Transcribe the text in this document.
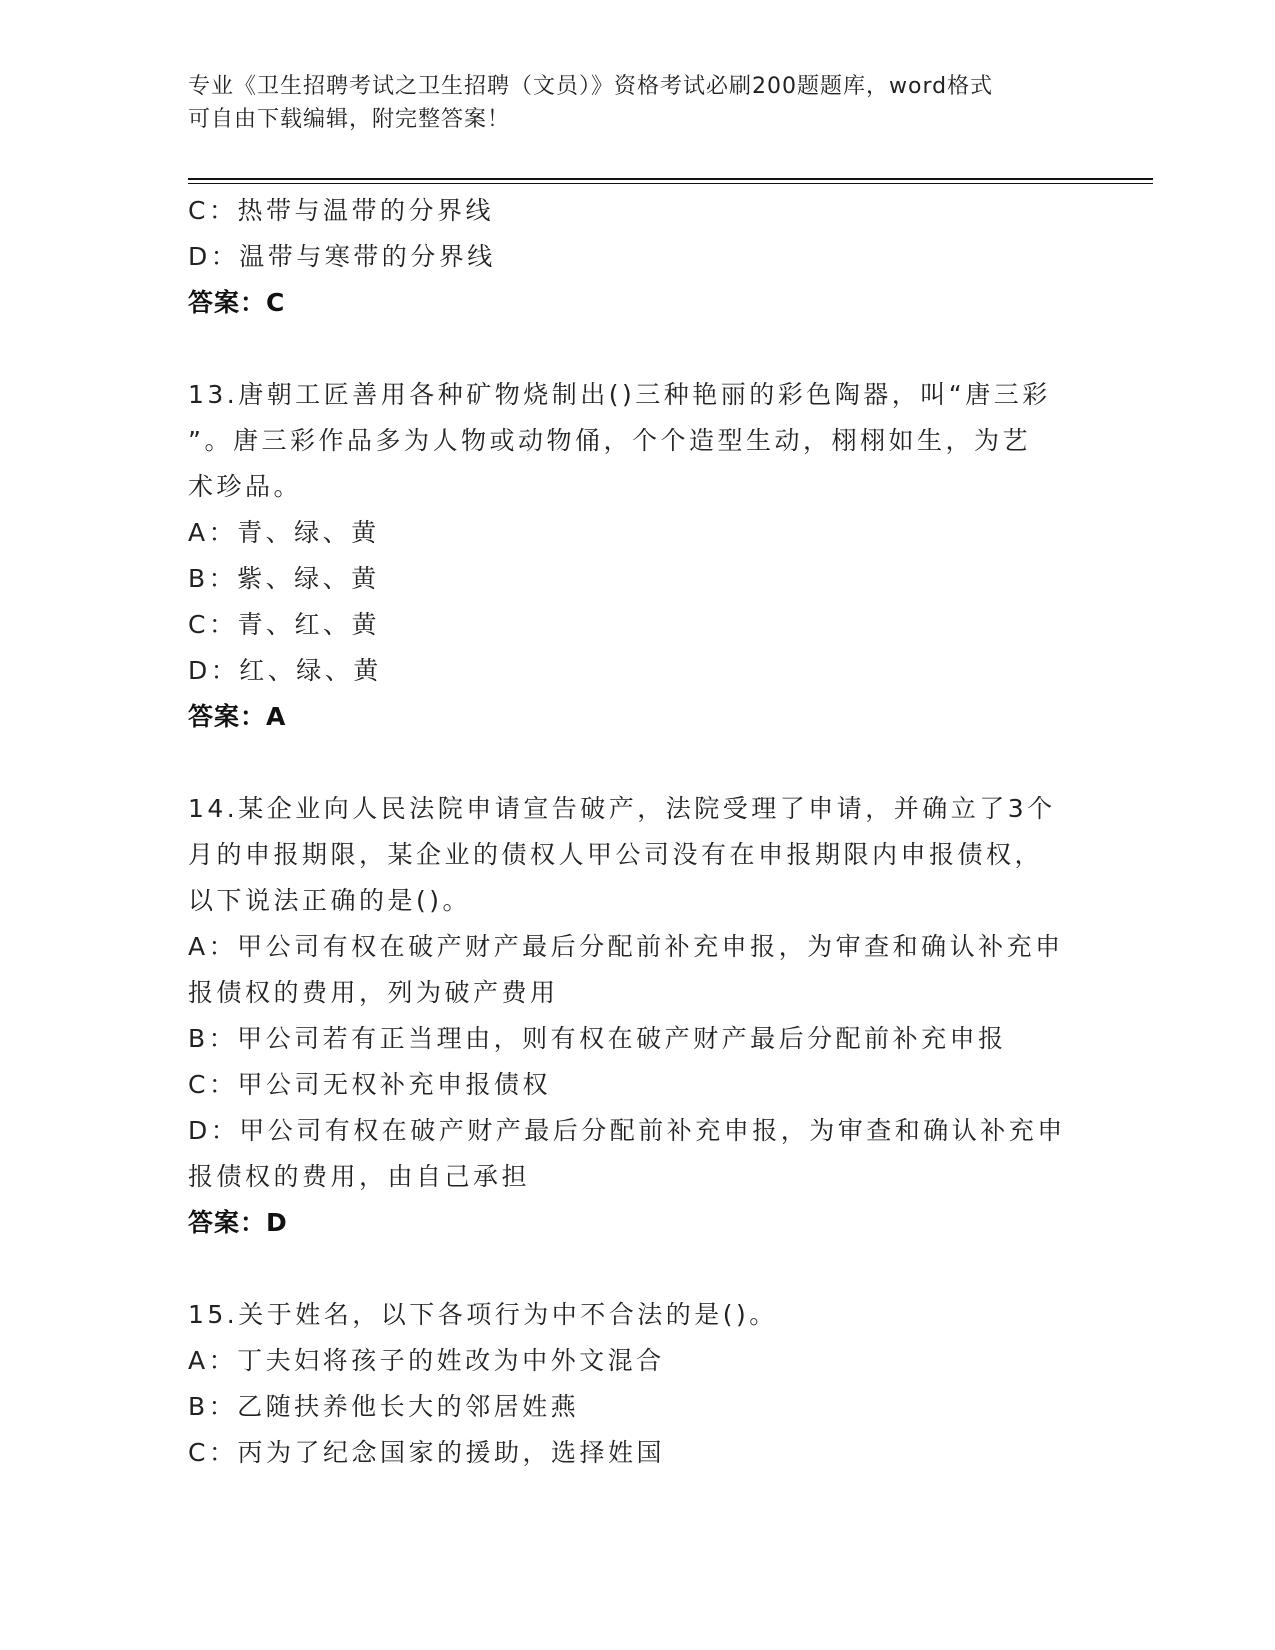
专业《卫生招聘考试之卫生招聘（文员）》资格考试必刷200题题库，word格式
可自由下载编辑，附完整答案！
C：热带与温带的分界线
D：温带与寒带的分界线
答案：C
13.唐朝工匠善用各种矿物烧制出()三种艳丽的彩色陶器，叫“唐三彩
”。唐三彩作品多为人物或动物俑，个个造型生动，栩栩如生，为艺
术珍品。
A：青、绿、黄
B：紫、绿、黄
C：青、红、黄
D：红、绿、黄
答案：A
14.某企业向人民法院申请宣告破产，法院受理了申请，并确立了3个
月的申报期限，某企业的债权人甲公司没有在申报期限内申报债权，
以下说法正确的是()。
A：甲公司有权在破产财产最后分配前补充申报，为审查和确认补充申
报债权的费用，列为破产费用
B：甲公司若有正当理由，则有权在破产财产最后分配前补充申报
C：甲公司无权补充申报债权
D：甲公司有权在破产财产最后分配前补充申报，为审查和确认补充申
报债权的费用，由自己承担
答案：D
15.关于姓名，以下各项行为中不合法的是()。
A：丁夫妇将孩子的姓改为中外文混合
B：乙随扶养他长大的邻居姓燕
C：丙为了纪念国家的援助，选择姓国
